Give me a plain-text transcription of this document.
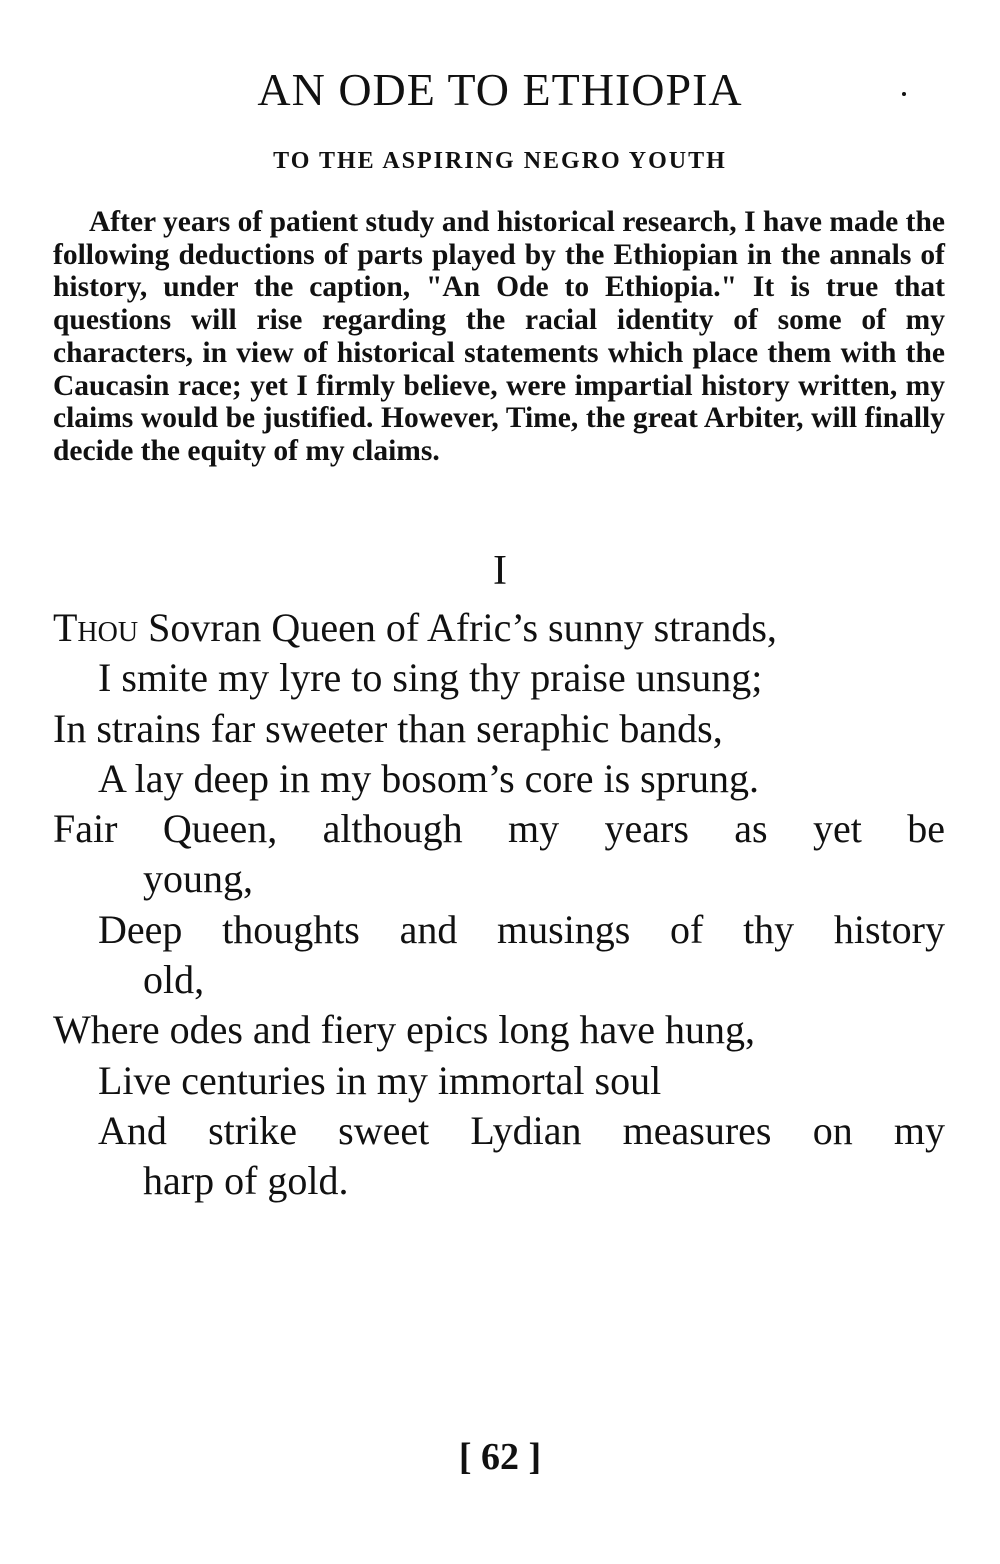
AN ODE TO ETHIOPIA
TO THE ASPIRING NEGRO YOUTH

After years of patient study and historical research, I have made the following deductions of parts played by the Ethiopian in the annals of history, under the caption, "An Ode to Ethiopia." It is true that questions will rise regarding the racial identity of some of my characters, in view of historical statements which place them with the Caucasin race; yet I firmly believe, were impartial history written, my claims would be justified. However, Time, the great Arbiter, will finally decide the equity of my claims.

I
Thou Sovran Queen of Afric’s sunny strands,
I smite my lyre to sing thy praise unsung;
In strains far sweeter than seraphic bands,
A lay deep in my bosom’s core is sprung.
Fair Queen, although my years as yet be
young,
Deep thoughts and musings of thy history
old,
Where odes and fiery epics long have hung,
Live centuries in my immortal soul
And strike sweet Lydian measures on my
harp of gold.
[ 62 ]
